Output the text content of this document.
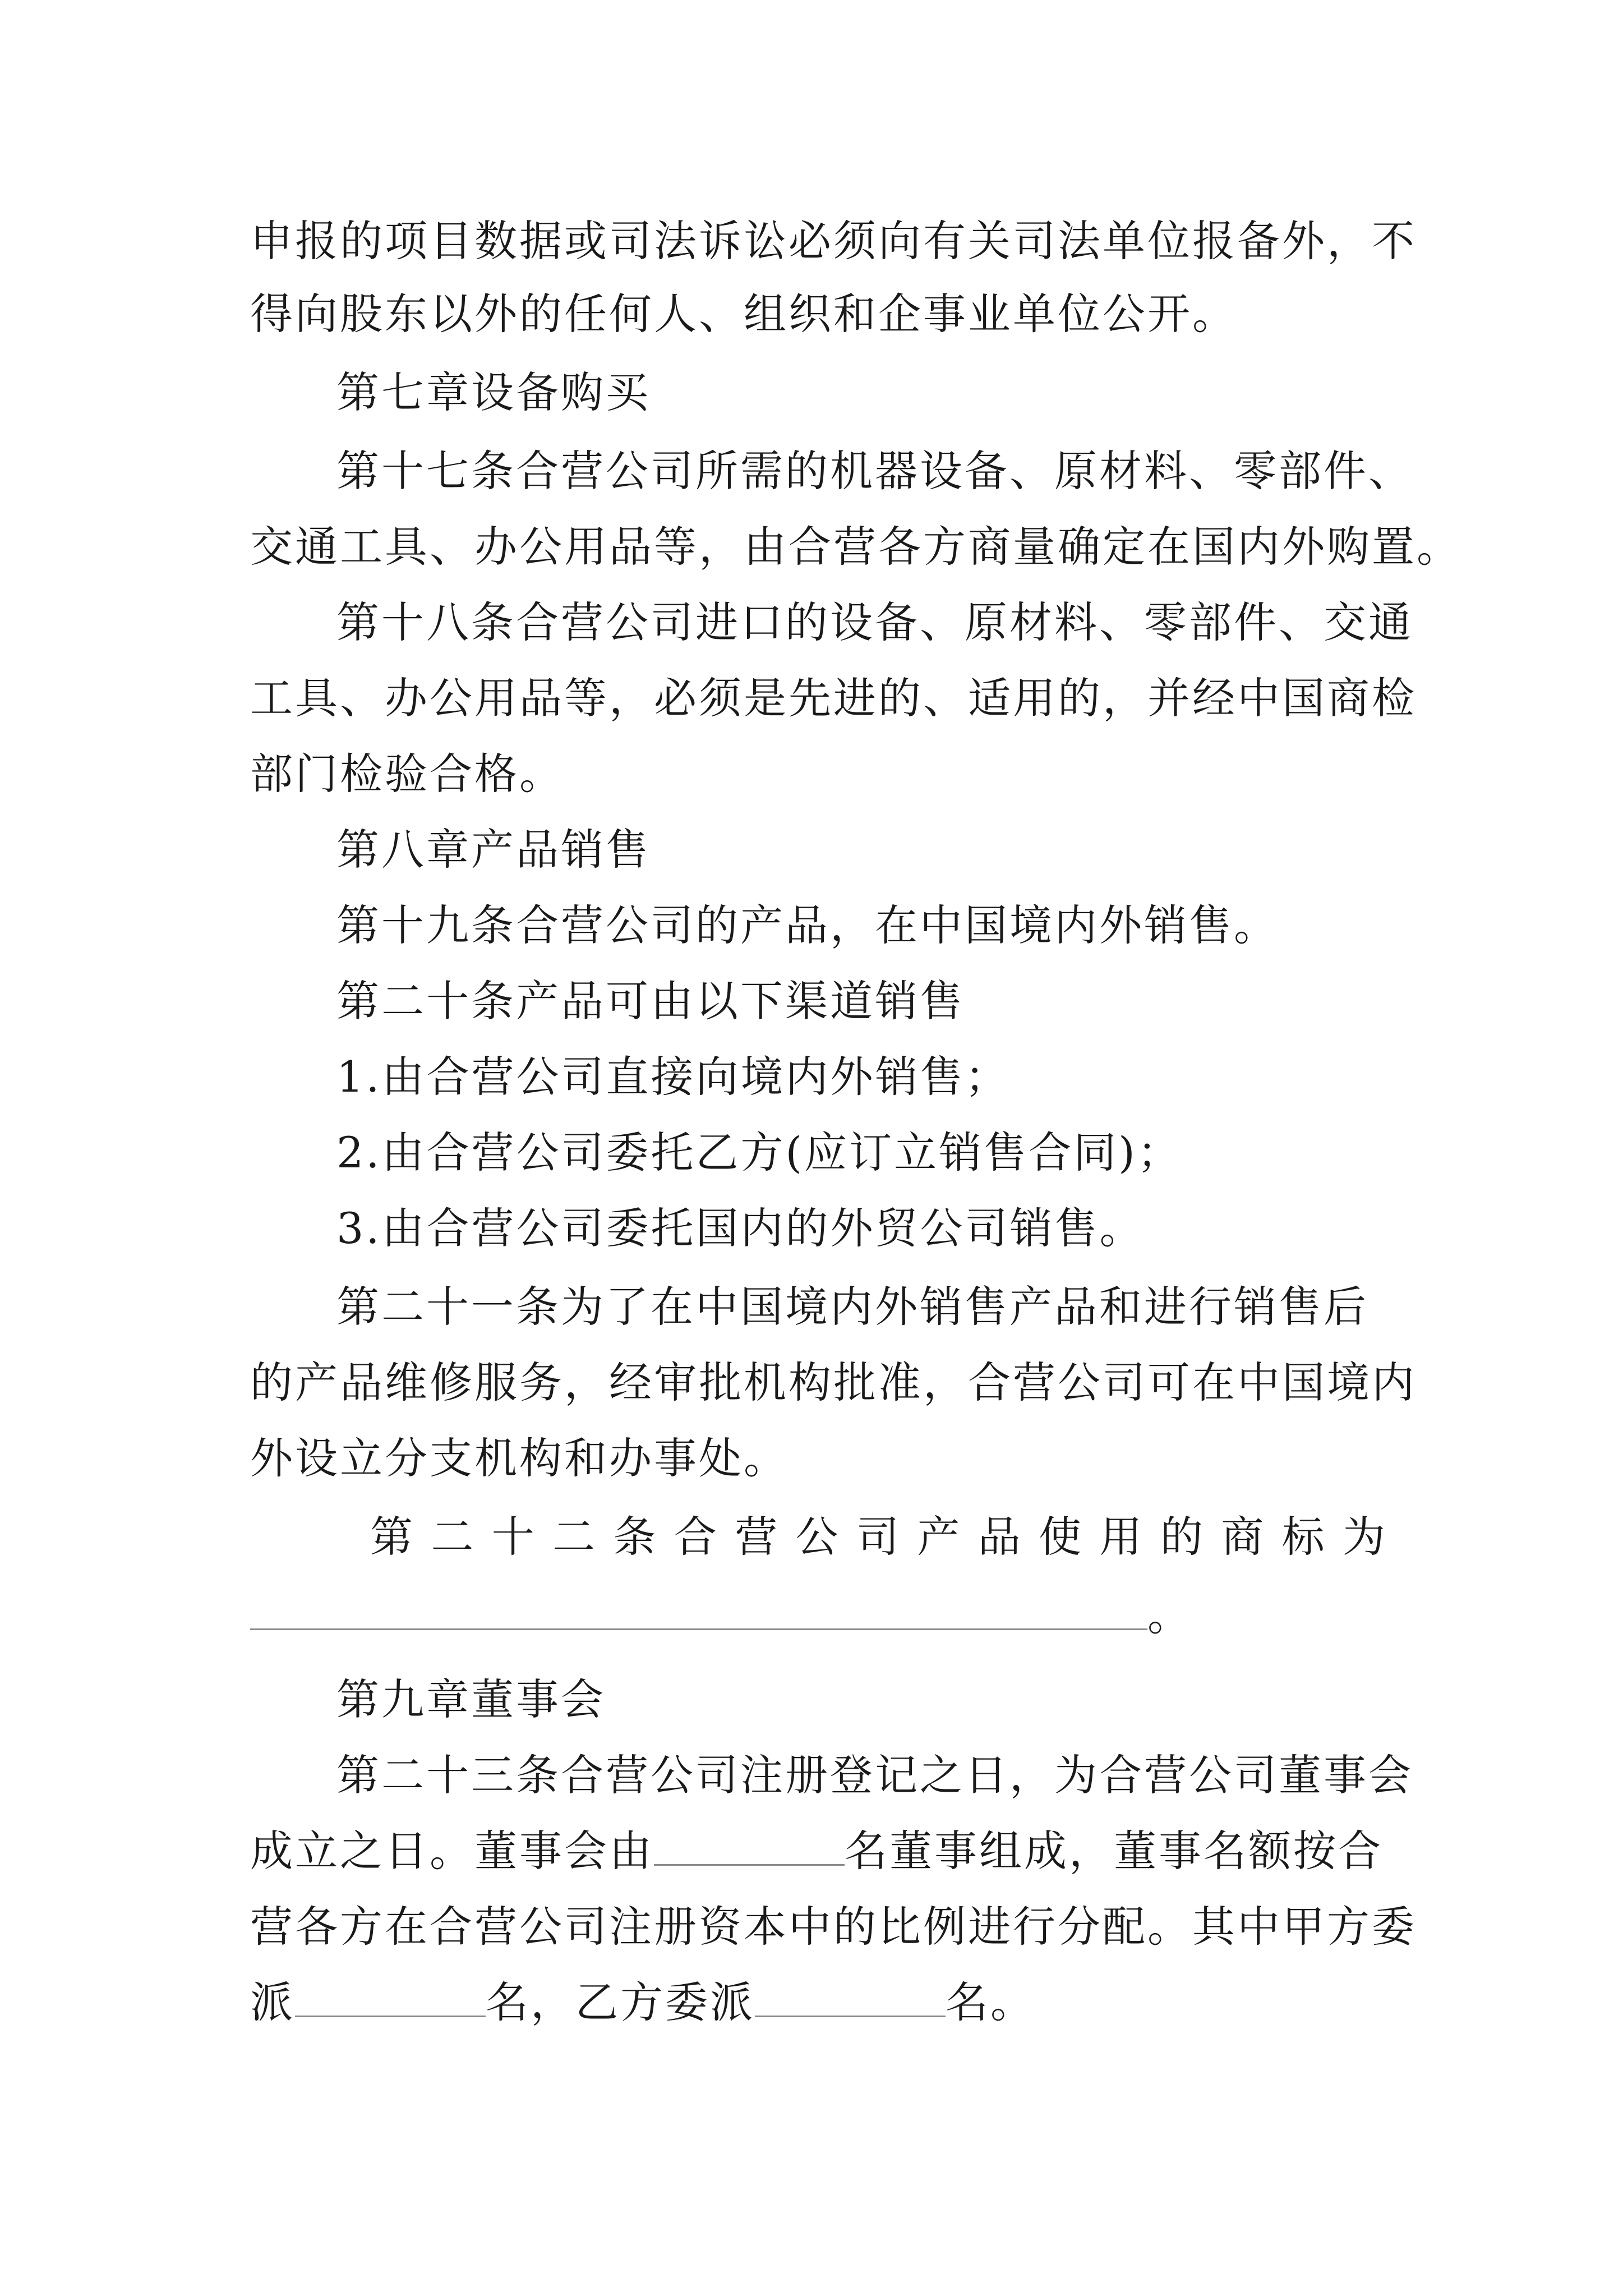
申报的项目数据或司法诉讼必须向有关司法单位报备外，不
得向股东以外的任何人、组织和企事业单位公开。
第七章设备购买
第十七条合营公司所需的机器设备、原材料、零部件、
交通工具、办公用品等，由合营各方商量确定在国内外购置。
第十八条合营公司进口的设备、原材料、零部件、交通
工具、办公用品等，必须是先进的、适用的，并经中国商检
部门检验合格。
第八章产品销售
第十九条合营公司的产品，在中国境内外销售。
第二十条产品可由以下渠道销售
1.由合营公司直接向境内外销售；
2.由合营公司委托乙方(应订立销售合同)；
3.由合营公司委托国内的外贸公司销售。
第二十一条为了在中国境内外销售产品和进行销售后
的产品维修服务，经审批机构批准，合营公司可在中国境内
外设立分支机构和办事处。
第二十二条合营公司产品使用的商标为
。
第九章董事会
第二十三条合营公司注册登记之日，为合营公司董事会
成立之日。董事会由	名董事组成，董事名额按合
营各方在合营公司注册资本中的比例进行分配。其中甲方委
派	名，乙方委派	名。
